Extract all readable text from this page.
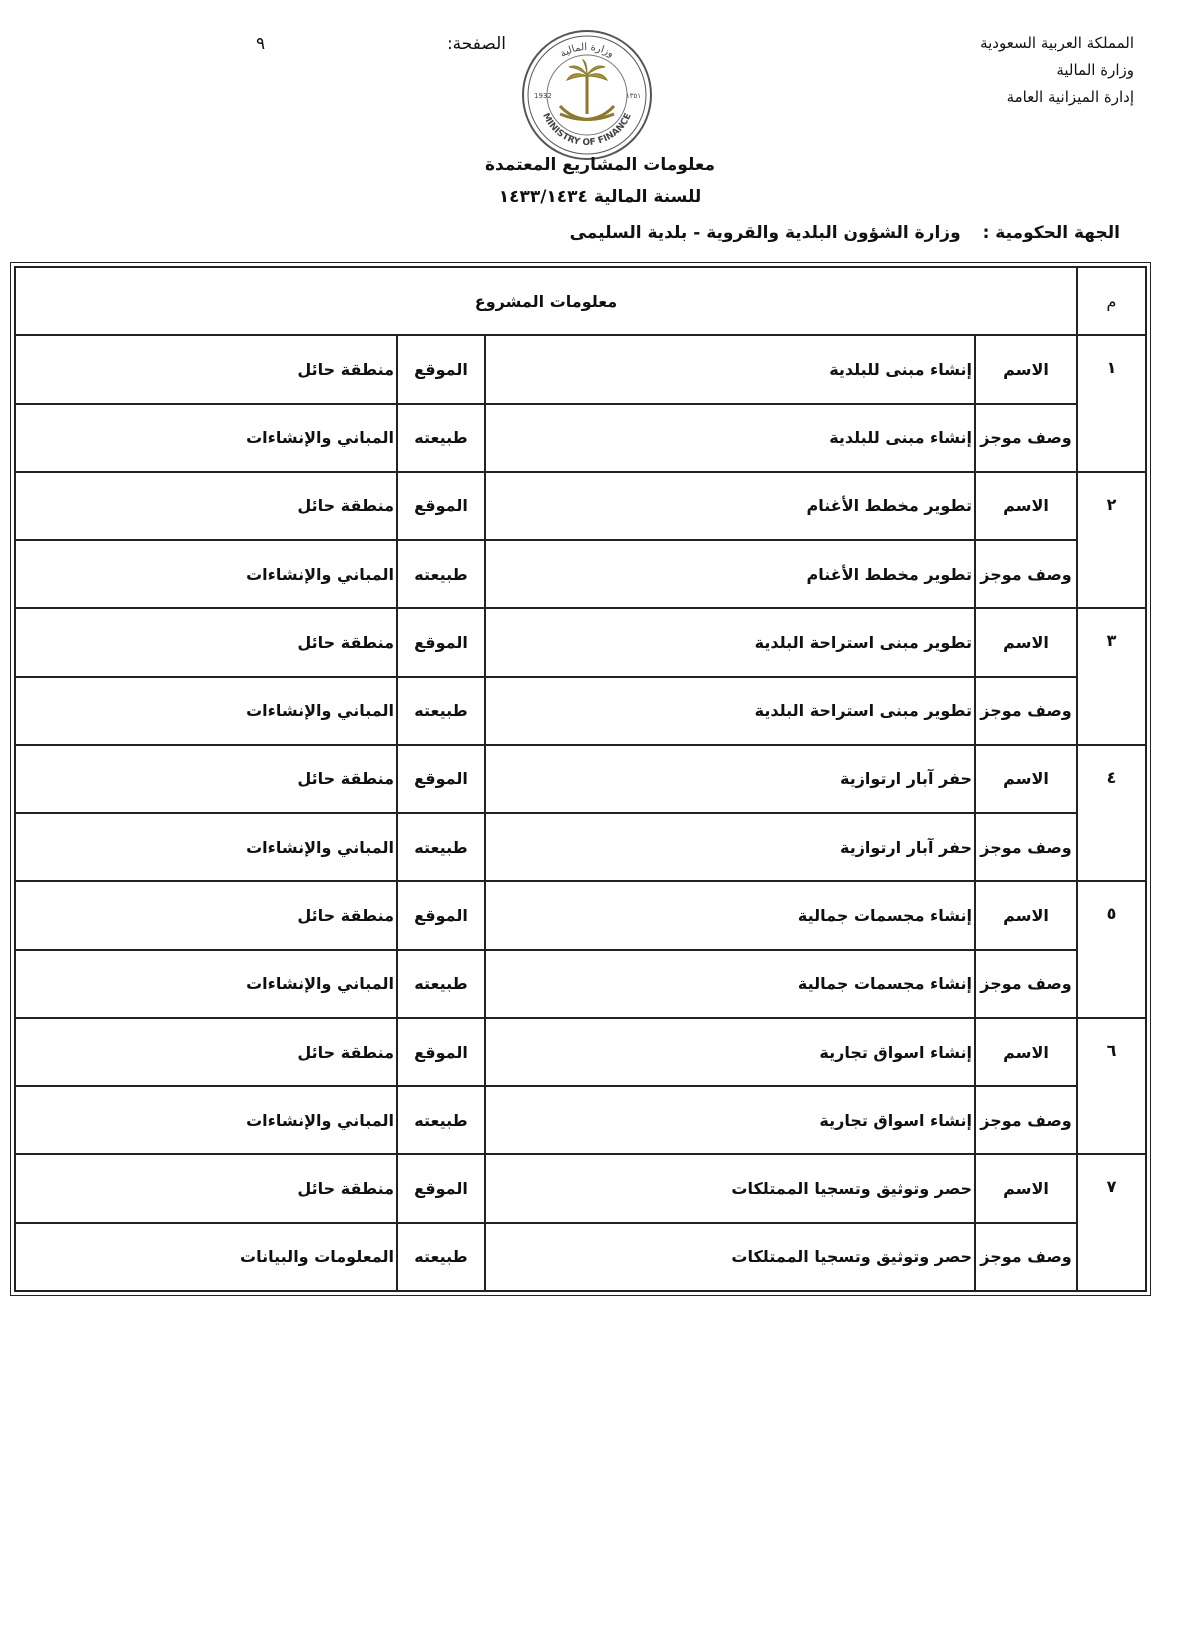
المملكة العربية السعودية
وزارة المالية
إدارة الميزانية العامة
الصفحة:
٩	وزارة المالية
MINISTRY OF FINANCE
1932	١٣٥١
معلومات المشاريع المعتمدة
للسنة المالية ١٤٣٣/١٤٣٤
الجهة الحكومية : وزارة الشؤون البلدية والقروية - بلدية السليمى
م	معلومات المشروع			
١	الاسم	إنشاء مبنى للبلدية	الموقع	منطقة حائل
	وصف موجز	إنشاء مبنى للبلدية	طبيعته	المباني والإنشاءات
٢	الاسم	تطوير مخطط الأغنام	الموقع	منطقة حائل
	وصف موجز	تطوير مخطط الأغنام	طبيعته	المباني والإنشاءات
٣	الاسم	تطوير مبنى استراحة البلدية	الموقع	منطقة حائل
	وصف موجز	تطوير مبنى استراحة البلدية	طبيعته	المباني والإنشاءات
٤	الاسم	حفر آبار ارتوازية	الموقع	منطقة حائل
	وصف موجز	حفر آبار ارتوازية	طبيعته	المباني والإنشاءات
٥	الاسم	إنشاء مجسمات جمالية	الموقع	منطقة حائل
	وصف موجز	إنشاء مجسمات جمالية	طبيعته	المباني والإنشاءات
٦	الاسم	إنشاء اسواق تجارية	الموقع	منطقة حائل
	وصف موجز	إنشاء اسواق تجارية	طبيعته	المباني والإنشاءات
٧	الاسم	حصر وتوثيق وتسجيا الممتلكات	الموقع	منطقة حائل
	وصف موجز	حصر وتوثيق وتسجيا الممتلكات	طبيعته	المعلومات والبيانات
